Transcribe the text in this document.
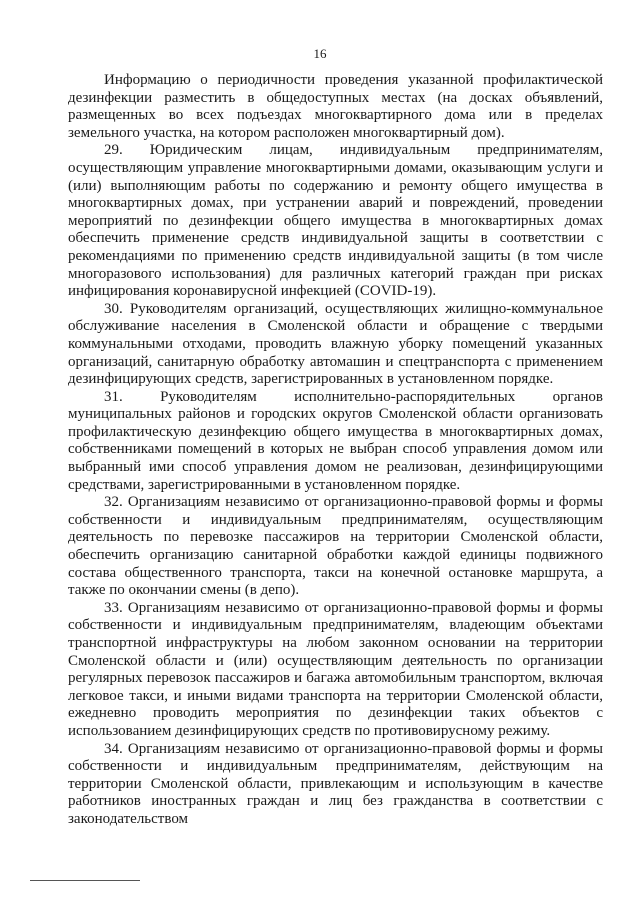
16

Информацию о периодичности проведения указанной профилактической дезинфекции разместить в общедоступных местах (на досках объявлений, размещенных во всех подъездах многоквартирного дома или в пределах земельного участка, на котором расположен многоквартирный дом).

29. Юридическим лицам, индивидуальным предпринимателям, осуществляющим управление многоквартирными домами, оказывающим услуги и (или) выполняющим работы по содержанию и ремонту общего имущества в многоквартирных домах, при устранении аварий и повреждений, проведении мероприятий по дезинфекции общего имущества в многоквартирных домах обеспечить применение средств индивидуальной защиты в соответствии с рекомендациями по применению средств индивидуальной защиты (в том числе многоразового использования) для различных категорий граждан при рисках инфицирования коронавирусной инфекцией (COVID-19).

30. Руководителям организаций, осуществляющих жилищно-коммунальное обслуживание населения в Смоленской области и обращение с твердыми коммунальными отходами, проводить влажную уборку помещений указанных организаций, санитарную обработку автомашин и спецтранспорта с применением дезинфицирующих средств, зарегистрированных в установленном порядке.

31. Руководителям исполнительно-распорядительных органов муниципальных районов и городских округов Смоленской области организовать профилактическую дезинфекцию общего имущества в многоквартирных домах, собственниками помещений в которых не выбран способ управления домом или выбранный ими способ управления домом не реализован, дезинфицирующими средствами, зарегистрированными в установленном порядке.

32. Организациям независимо от организационно-правовой формы и формы собственности и индивидуальным предпринимателям, осуществляющим деятельность по перевозке пассажиров на территории Смоленской области, обеспечить организацию санитарной обработки каждой единицы подвижного состава общественного транспорта, такси на конечной остановке маршрута, а также по окончании смены (в депо).

33. Организациям независимо от организационно-правовой формы и формы собственности и индивидуальным предпринимателям, владеющим объектами транспортной инфраструктуры на любом законном основании на территории Смоленской области и (или) осуществляющим деятельность по организации регулярных перевозок пассажиров и багажа автомобильным транспортом, включая легковое такси, и иными видами транспорта на территории Смоленской области, ежедневно проводить мероприятия по дезинфекции таких объектов с использованием дезинфицирующих средств по противовирусному режиму.

34. Организациям независимо от организационно-правовой формы и формы собственности и индивидуальным предпринимателям, действующим на территории Смоленской области, привлекающим и использующим в качестве работников иностранных граждан и лиц без гражданства в соответствии с законодательством
